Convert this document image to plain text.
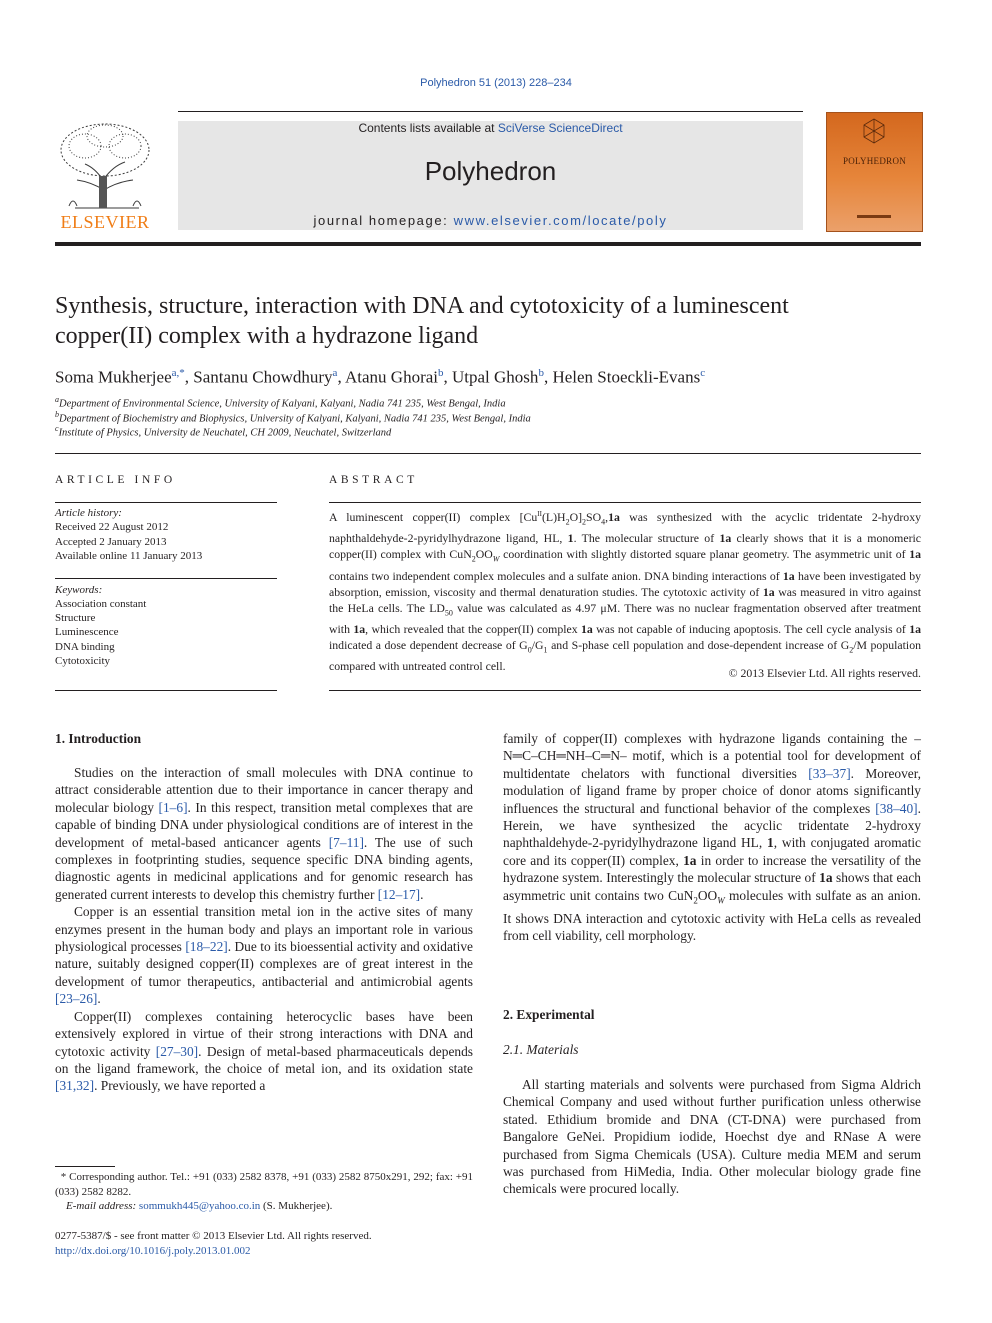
Polyhedron 51 (2013) 228–234
ELSEVIER
Contents lists available at SciVerse ScienceDirect
Polyhedron
journal homepage: www.elsevier.com/locate/poly
POLYHEDRON
Synthesis, structure, interaction with DNA and cytotoxicity of a luminescent
copper(II) complex with a hydrazone ligand
Soma Mukherjee$^{a,*}$, Santanu Chowdhury$^a$, Atanu Ghorai$^b$, Utpal Ghosh$^b$, Helen Stoeckli-Evans$^c$
$^a$Department of Environmental Science, University of Kalyani, Kalyani, Nadia 741 235, West Bengal, India
$^b$Department of Biochemistry and Biophysics, University of Kalyani, Kalyani, Nadia 741 235, West Bengal, India
$^c$Institute of Physics, University de Neuchatel, CH 2009, Neuchatel, Switzerland
ARTICLE INFO
Article history:
Received 22 August 2012
Accepted 2 January 2013
Available online 11 January 2013
Keywords:
Association constant
Structure
Luminescence
DNA binding
Cytotoxicity
ABSTRACT
A luminescent copper(II) complex $[Cu^{II}(L)H_2O]_2SO_4,1a$ was synthesized with the acyclic tridentate 2-hydroxy naphthaldehyde-2-pyridylhydrazone ligand, HL, 1. The molecular structure of 1a clearly shows that it is a monomeric copper(II) complex with $CuN_2OO_W$ coordination with slightly distorted square planar geometry. The asymmetric unit of 1a contains two independent complex molecules and a sulfate anion. DNA binding interactions of 1a have been investigated by absorption, emission, viscosity and thermal denaturation studies. The cytotoxic activity of 1a was measured in vitro against the HeLa cells. The $LD_{50}$ value was calculated as 4.97 μM. There was no nuclear fragmentation observed after treatment with 1a, which revealed that the copper(II) complex 1a was not capable of inducing apoptosis. The cell cycle analysis of 1a indicated a dose dependent decrease of $G_0/G_1$ and S-phase cell population and dose-dependent increase of $G_2/M$ population compared with untreated control cell.	© 2013 Elsevier Ltd. All rights reserved.
1. Introduction

Studies on the interaction of small molecules with DNA continue to attract considerable attention due to their importance in cancer therapy and molecular biology [1–6]. In this respect, transition metal complexes that are capable of binding DNA under physiological conditions are of interest in the development of metal-based anticancer agents [7–11]. The use of such complexes in footprinting studies, sequence specific DNA binding agents, diagnostic agents in medicinal applications and for genomic research has generated current interests to develop this chemistry further [12–17].

Copper is an essential transition metal ion in the active sites of many enzymes present in the human body and plays an important role in various physiological processes [18–22]. Due to its bioessential activity and oxidative nature, suitably designed copper(II) complexes are of great interest in the development of tumor therapeutics, antibacterial and antimicrobial agents [23–26].

Copper(II) complexes containing heterocyclic bases have been extensively explored in virtue of their strong interactions with DNA and cytotoxic activity [27–30]. Design of metal-based pharmaceuticals depends on the ligand framework, the choice of metal ion, and its oxidation state [31,32]. Previously, we have reported a

* Corresponding author. Tel.: +91 (033) 2582 8378, +91 (033) 2582 8750x291, 292; fax: +91 (033) 2582 8282.
E-mail address: sommukh445@yahoo.co.in (S. Mukherjee).
0277-5387/$ - see front matter © 2013 Elsevier Ltd. All rights reserved.
http://dx.doi.org/10.1016/j.poly.2013.01.002

family of copper(II) complexes with hydrazone ligands containing the –N═C–CH═NH–C═N– motif, which is a potential tool for development of multidentate chelators with functional diversities [33–37]. Moreover, modulation of ligand frame by proper choice of donor atoms significantly influences the structural and functional behavior of the complexes [38–40]. Herein, we have synthesized the acyclic tridentate 2-hydroxy naphthaldehyde-2-pyridylhydrazone ligand HL, 1, with conjugated aromatic core and its copper(II) complex, 1a in order to increase the versatility of the hydrazone system. Interestingly the molecular structure of 1a shows that each asymmetric unit contains two $CuN_2OO_W$ molecules with sulfate as an anion. It shows DNA interaction and cytotoxic activity with HeLa cells as revealed from cell viability, cell morphology.

2. Experimental
2.1. Materials

All starting materials and solvents were purchased from Sigma Aldrich Chemical Company and used without further purification unless otherwise stated. Ethidium bromide and DNA (CT-DNA) were purchased from Bangalore GeNei. Propidium iodide, Hoechst dye and RNase A were purchased from Sigma Chemicals (USA). Culture media MEM and serum was purchased from HiMedia, India. Other molecular biology grade fine chemicals were procured locally.
